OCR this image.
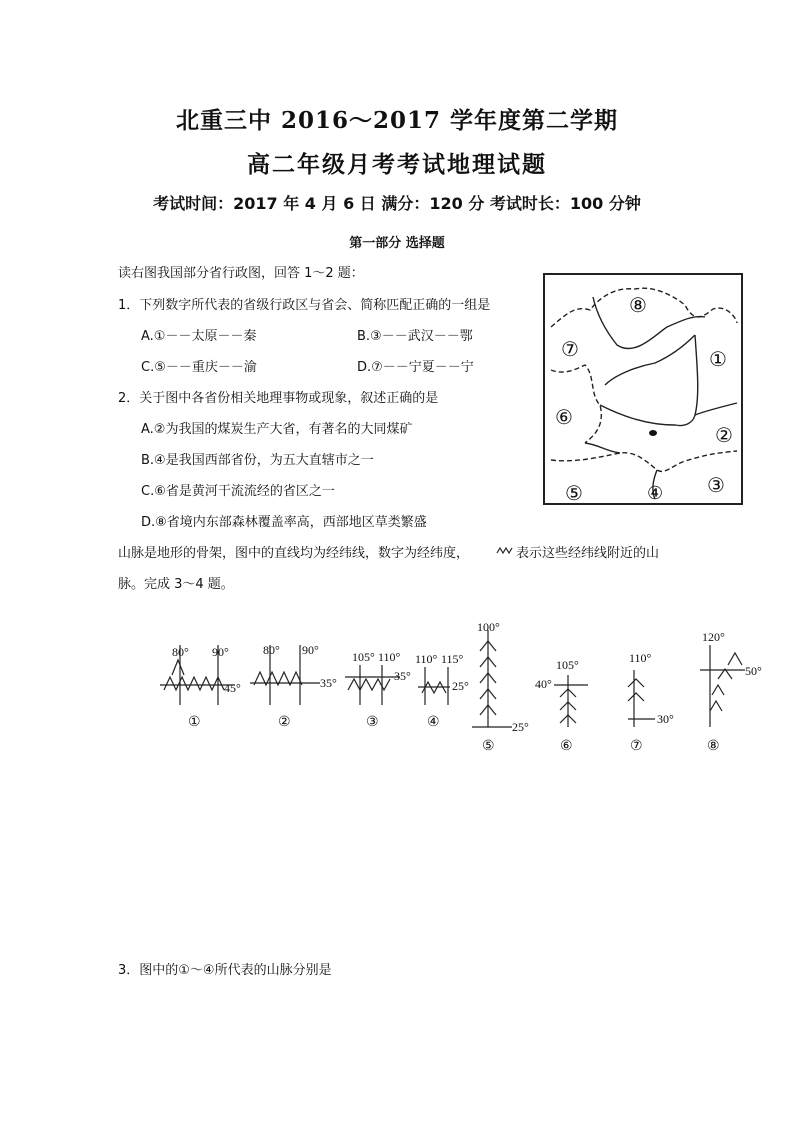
北重三中 2016～2017 学年度第二学期
高二年级月考考试地理试题
考试时间：2017 年 4 月 6 日 满分：120 分 考试时长：100 分钟
第一部分 选择题
读右图我国部分省行政图，回答 1～2 题：
1．下列数字所代表的省级行政区与省会、简称匹配正确的一组是
A.①－－太原－－秦	B.③－－武汉－－鄂
C.⑤－－重庆－－渝	D.⑦－－宁夏－－宁
2．关于图中各省份相关地理事物或现象，叙述正确的是
A.②为我国的煤炭生产大省，有著名的大同煤矿
B.④是我国西部省份，为五大直辖市之一
C.⑥省是黄河干流流经的省区之一
D.⑧省境内东部森林覆盖率高，西部地区草类繁盛
山脉是地形的骨架，图中的直线均为经纬线，数字为经纬度，	表示这些经纬线附近的山
脉。完成 3～4 题。
⑧
⑦	①
⑥
②
③
④
⑤
80° 90°
45°
①
80° 90°
35°
②
105° 110°
35°
③
110° 115°
25°
④
100°
25°
⑤
105°
40°
⑥
110°
30°
⑦
120°
50°
⑧
3．图中的①～④所代表的山脉分别是
